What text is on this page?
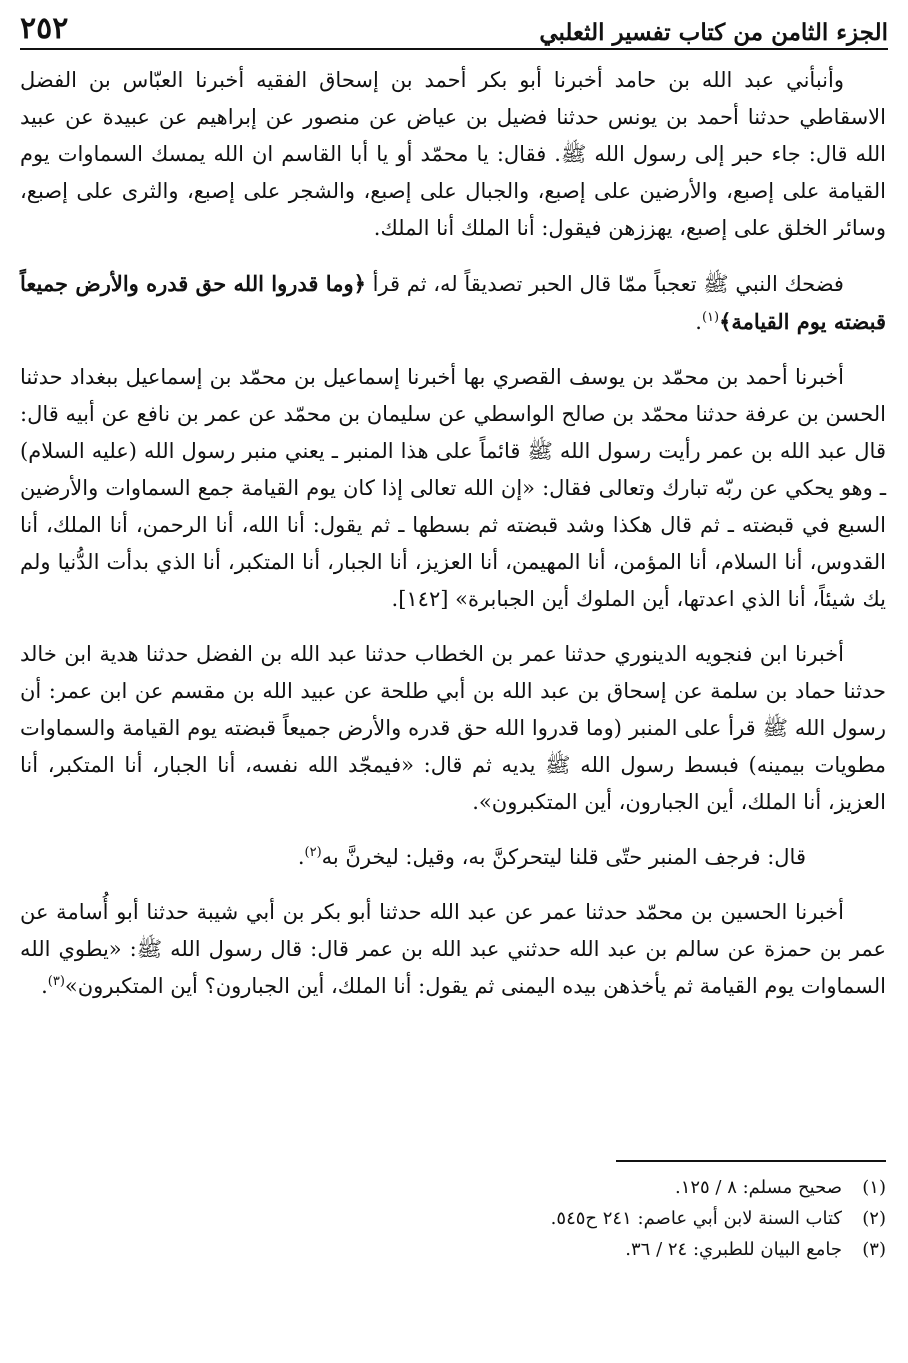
الجزء الثامن من كتاب تفسير الثعلبي
٢٥٢

وأنبأني عبد الله بن حامد أخبرنا أبو بكر أحمد بن إسحاق الفقيه أخبرنا العبّاس بن الفضل الاسقاطي حدثنا أحمد بن يونس حدثنا فضيل بن عياض عن منصور عن إبراهيم عن عبيدة عن عبيد الله قال: جاء حبر إلى رسول الله ﷺ. فقال: يا محمّد أو يا أبا القاسم ان الله يمسك السماوات يوم القيامة على إصبع، والأرضين على إصبع، والجبال على إصبع، والشجر على إصبع، والثرى على إصبع، وسائر الخلق على إصبع، يهززهن فيقول: أنا الملك أنا الملك.

فضحك النبي ﷺ تعجباً ممّا قال الحبر تصديقاً له، ثم قرأ ﴿وما قدروا الله حق قدره والأرض جميعاً قبضته يوم القيامة﴾$^{(١)}$.

أخبرنا أحمد بن محمّد بن يوسف القصري بها أخبرنا إسماعيل بن محمّد بن إسماعيل ببغداد حدثنا الحسن بن عرفة حدثنا محمّد بن صالح الواسطي عن سليمان بن محمّد عن عمر بن نافع عن أبيه قال: قال عبد الله بن عمر رأيت رسول الله ﷺ قائماً على هذا المنبر ـ يعني منبر رسول الله (عليه السلام) ـ وهو يحكي عن ربّه تبارك وتعالى فقال: «إن الله تعالى إذا كان يوم القيامة جمع السماوات والأرضين السبع في قبضته ـ ثم قال هكذا وشد قبضته ثم بسطها ـ ثم يقول: أنا الله، أنا الرحمن، أنا الملك، أنا القدوس، أنا السلام، أنا المؤمن، أنا المهيمن، أنا العزيز، أنا الجبار، أنا المتكبر، أنا الذي بدأت الدُّنيا ولم يك شيئاً، أنا الذي اعدتها، أين الملوك أين الجبابرة» [١٤٢].

أخبرنا ابن فنجويه الدينوري حدثنا عمر بن الخطاب حدثنا عبد الله بن الفضل حدثنا هدية ابن خالد حدثنا حماد بن سلمة عن إسحاق بن عبد الله بن أبي طلحة عن عبيد الله بن مقسم عن ابن عمر: أن رسول الله ﷺ قرأ على المنبر (وما قدروا الله حق قدره والأرض جميعاً قبضته يوم القيامة والسماوات مطويات بيمينه) فبسط رسول الله ﷺ يديه ثم قال: «فيمجّد الله نفسه، أنا الجبار، أنا المتكبر، أنا العزيز، أنا الملك، أين الجبارون، أين المتكبرون».

قال: فرجف المنبر حتّى قلنا ليتحركنَّ به، وقيل: ليخرنَّ به$^{(٢)}$.

أخبرنا الحسين بن محمّد حدثنا عمر عن عبد الله حدثنا أبو بكر بن أبي شيبة حدثنا أبو أُسامة عن عمر بن حمزة عن سالم بن عبد الله حدثني عبد الله بن عمر قال: قال رسول الله ﷺ: «يطوي الله السماوات يوم القيامة ثم يأخذهن بيده اليمنى ثم يقول: أنا الملك، أين الجبارون؟ أين المتكبرون»$^{(٣)}$.

(١)صحيح مسلم: ٨ / ١٢٥.

(٢)كتاب السنة لابن أبي عاصم: ٢٤١ ح٥٤٥.

(٣)جامع البيان للطبري: ٢٤ / ٣٦.
